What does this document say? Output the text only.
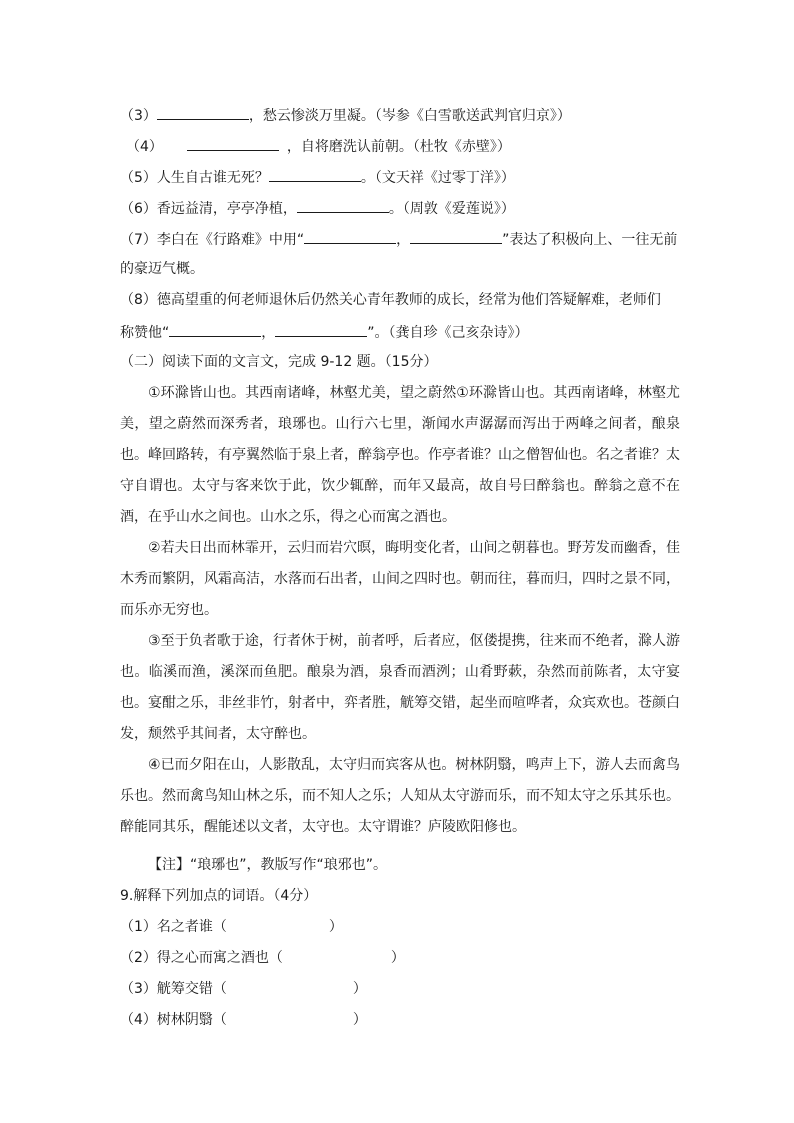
（3）	，愁云惨淡万里凝。（岑参《白雪歌送武判官归京》）
（4）	，自将磨洗认前朝。（杜牧《赤壁》）
（5）人生自古谁无死？	。（文天祥《过零丁洋》）
（6）香远益清，亭亭净植，	。（周敦《爱莲说》）
（7）李白在《行路难》中用“	，	”表达了积极向上、一往无前
的豪迈气概。
（8）德高望重的何老师退休后仍然关心青年教师的成长，经常为他们答疑解难，老师们
称赞他“	，	”。（龚自珍《己亥杂诗》）
（二）阅读下面的文言文，完成 9-12 题。（15分）
①环滁皆山也。其西南诸峰，林壑尤美，望之蔚然①环滁皆山也。其西南诸峰，林壑尤美，望之蔚然而深秀者，琅琊也。山行六七里，渐闻水声潺潺而泻出于两峰之间者，酿泉也。峰回路转，有亭翼然临于泉上者，醉翁亭也。作亭者谁？山之僧智仙也。名之者谁？太守自谓也。太守与客来饮于此，饮少辄醉，而年又最高，故自号曰醉翁也。醉翁之意不在酒，在乎山水之间也。山水之乐，得之心而寓之酒也。
②若夫日出而林霏开，云归而岩穴暝，晦明变化者，山间之朝暮也。野芳发而幽香，佳木秀而繁阴，风霜高洁，水落而石出者，山间之四时也。朝而往，暮而归，四时之景不同，而乐亦无穷也。
③至于负者歌于途，行者休于树，前者呼，后者应，伛偻提携，往来而不绝者，滁人游也。临溪而渔，溪深而鱼肥。酿泉为酒，泉香而酒洌；山肴野蔌，杂然而前陈者，太守宴也。宴酣之乐，非丝非竹，射者中，弈者胜，觥筹交错，起坐而喧哗者，众宾欢也。苍颜白发，颓然乎其间者，太守醉也。
④已而夕阳在山，人影散乱，太守归而宾客从也。树林阴翳，鸣声上下，游人去而禽鸟乐也。然而禽鸟知山林之乐，而不知人之乐；人知从太守游而乐，而不知太守之乐其乐也。醉能同其乐，醒能述以文者，太守也。太守谓谁？庐陵欧阳修也。
【注】“琅琊也”，教版写作“琅邪也”。
9.解释下列加点的词语。（4分）
（1）名之者谁（	）
（2）得之心而寓之酒也（	）
（3）觥筹交错（	）
（4）树林阴翳（	）
